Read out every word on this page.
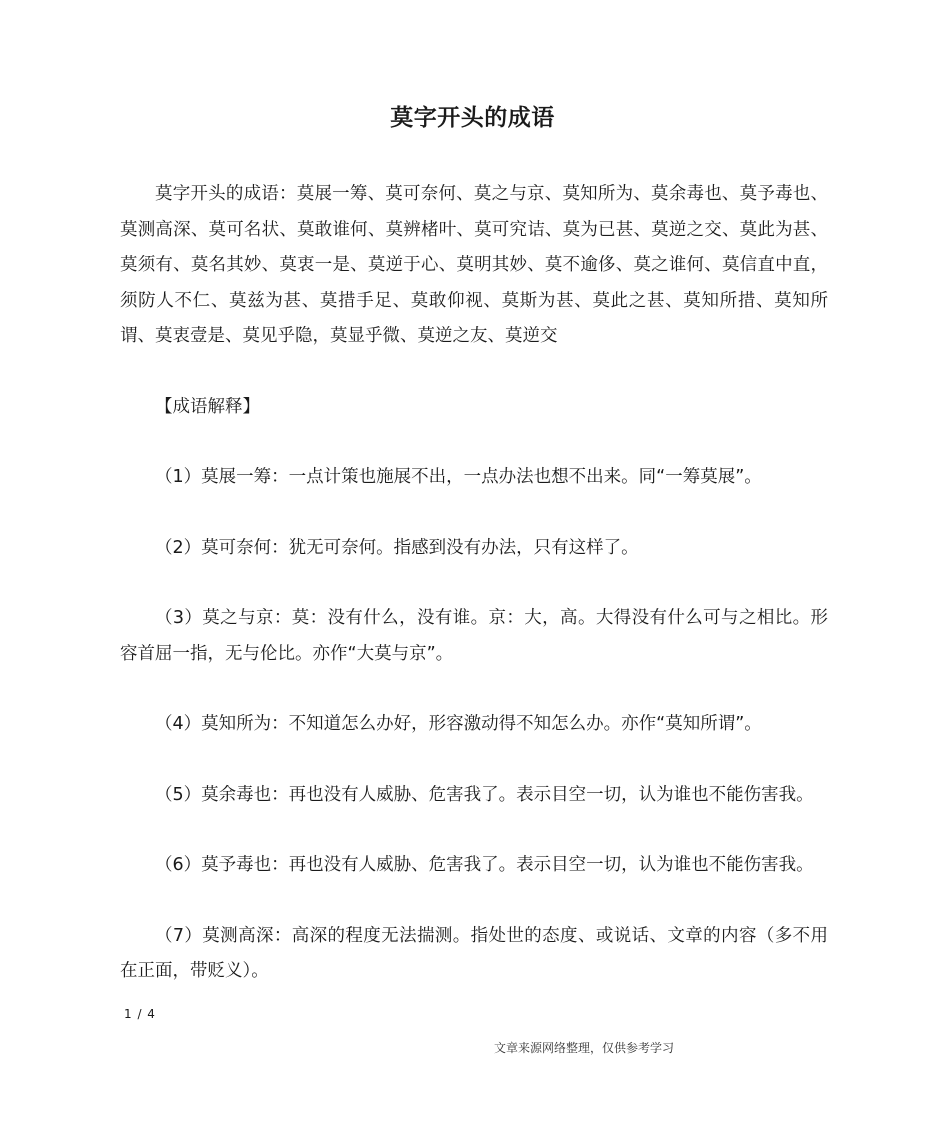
莫字开头的成语

莫字开头的成语：莫展一筹、莫可奈何、莫之与京、莫知所为、莫余毒也、莫予毒也、莫测高深、莫可名状、莫敢谁何、莫辨楮叶、莫可究诘、莫为已甚、莫逆之交、莫此为甚、莫须有、莫名其妙、莫衷一是、莫逆于心、莫明其妙、莫不逾侈、莫之谁何、莫信直中直，须防人不仁、莫兹为甚、莫措手足、莫敢仰视、莫斯为甚、莫此之甚、莫知所措、莫知所谓、莫衷壹是、莫见乎隐，莫显乎微、莫逆之友、莫逆交

【成语解释】

（1）莫展一筹：一点计策也施展不出，一点办法也想不出来。同“一筹莫展”。

（2）莫可奈何：犹无可奈何。指感到没有办法，只有这样了。

（3）莫之与京：莫：没有什么，没有谁。京：大，高。大得没有什么可与之相比。形容首屈一指，无与伦比。亦作“大莫与京”。

（4）莫知所为：不知道怎么办好，形容激动得不知怎么办。亦作“莫知所谓”。

（5）莫余毒也：再也没有人威胁、危害我了。表示目空一切，认为谁也不能伤害我。

（6）莫予毒也：再也没有人威胁、危害我了。表示目空一切，认为谁也不能伤害我。

（7）莫测高深：高深的程度无法揣测。指处世的态度、或说话、文章的内容（多不用在正面，带贬义）。

1 / 4
文章来源网络整理，仅供参考学习
